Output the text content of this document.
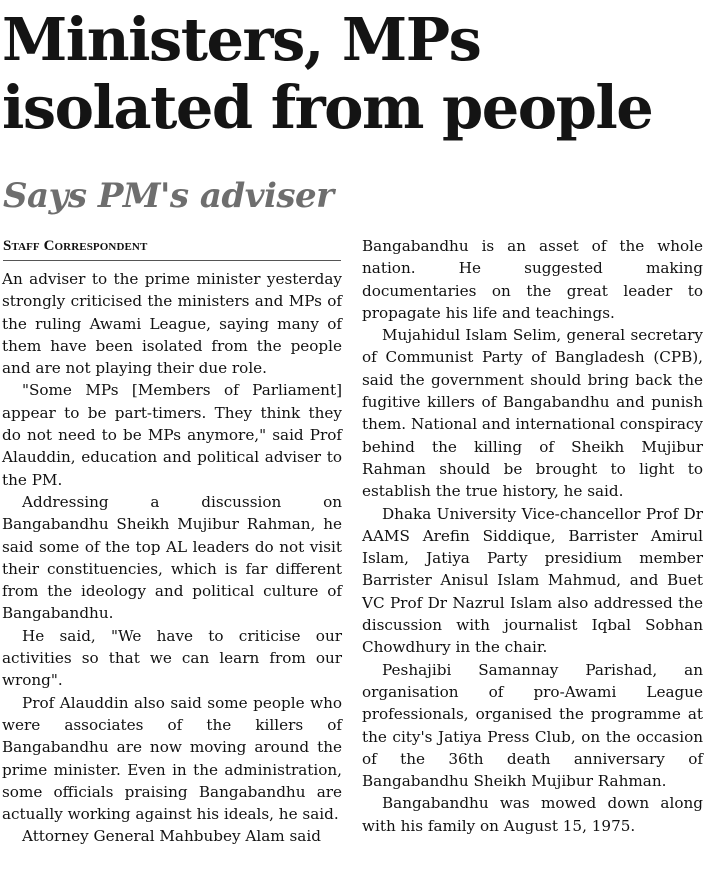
Ministers, MPs isolated from people
Says PM's adviser
Staff Correspondent

An adviser to the prime minister yesterday strongly criticised the ministers and MPs of the ruling Awami League, saying many of them have been isolated from the people and are not playing their due role.

"Some MPs [Members of Parliament] appear to be part-timers. They think they do not need to be MPs anymore," said Prof Alauddin, education and political adviser to the PM.

Addressing a discussion on Bangabandhu Sheikh Mujibur Rahman, he said some of the top AL leaders do not visit their constituencies, which is far different from the ideology and political culture of Bangabandhu.

He said, "We have to criticise our activities so that we can learn from our wrong".

Prof Alauddin also said some people who were associates of the killers of Bangabandhu are now moving around the prime minister. Even in the administration, some officials praising Bangabandhu are actually working against his ideals, he said.

Attorney General Mahbubey Alam said

Bangabandhu is an asset of the whole nation. He suggested making documentaries on the great leader to propagate his life and teachings.

Mujahidul Islam Selim, general secretary of Communist Party of Bangladesh (CPB), said the government should bring back the fugitive killers of Bangabandhu and punish them. National and international conspiracy behind the killing of Sheikh Mujibur Rahman should be brought to light to establish the true history, he said.

Dhaka University Vice-chancellor Prof Dr AAMS Arefin Siddique, Barrister Amirul Islam, Jatiya Party presidium member Barrister Anisul Islam Mahmud, and Buet VC Prof Dr Nazrul Islam also addressed the discussion with journalist Iqbal Sobhan Chowdhury in the chair.

Peshajibi Samannay Parishad, an organisation of pro-Awami League professionals, organised the programme at the city's Jatiya Press Club, on the occasion of the 36th death anniversary of Bangabandhu Sheikh Mujibur Rahman.

Bangabandhu was mowed down along with his family on August 15, 1975.
